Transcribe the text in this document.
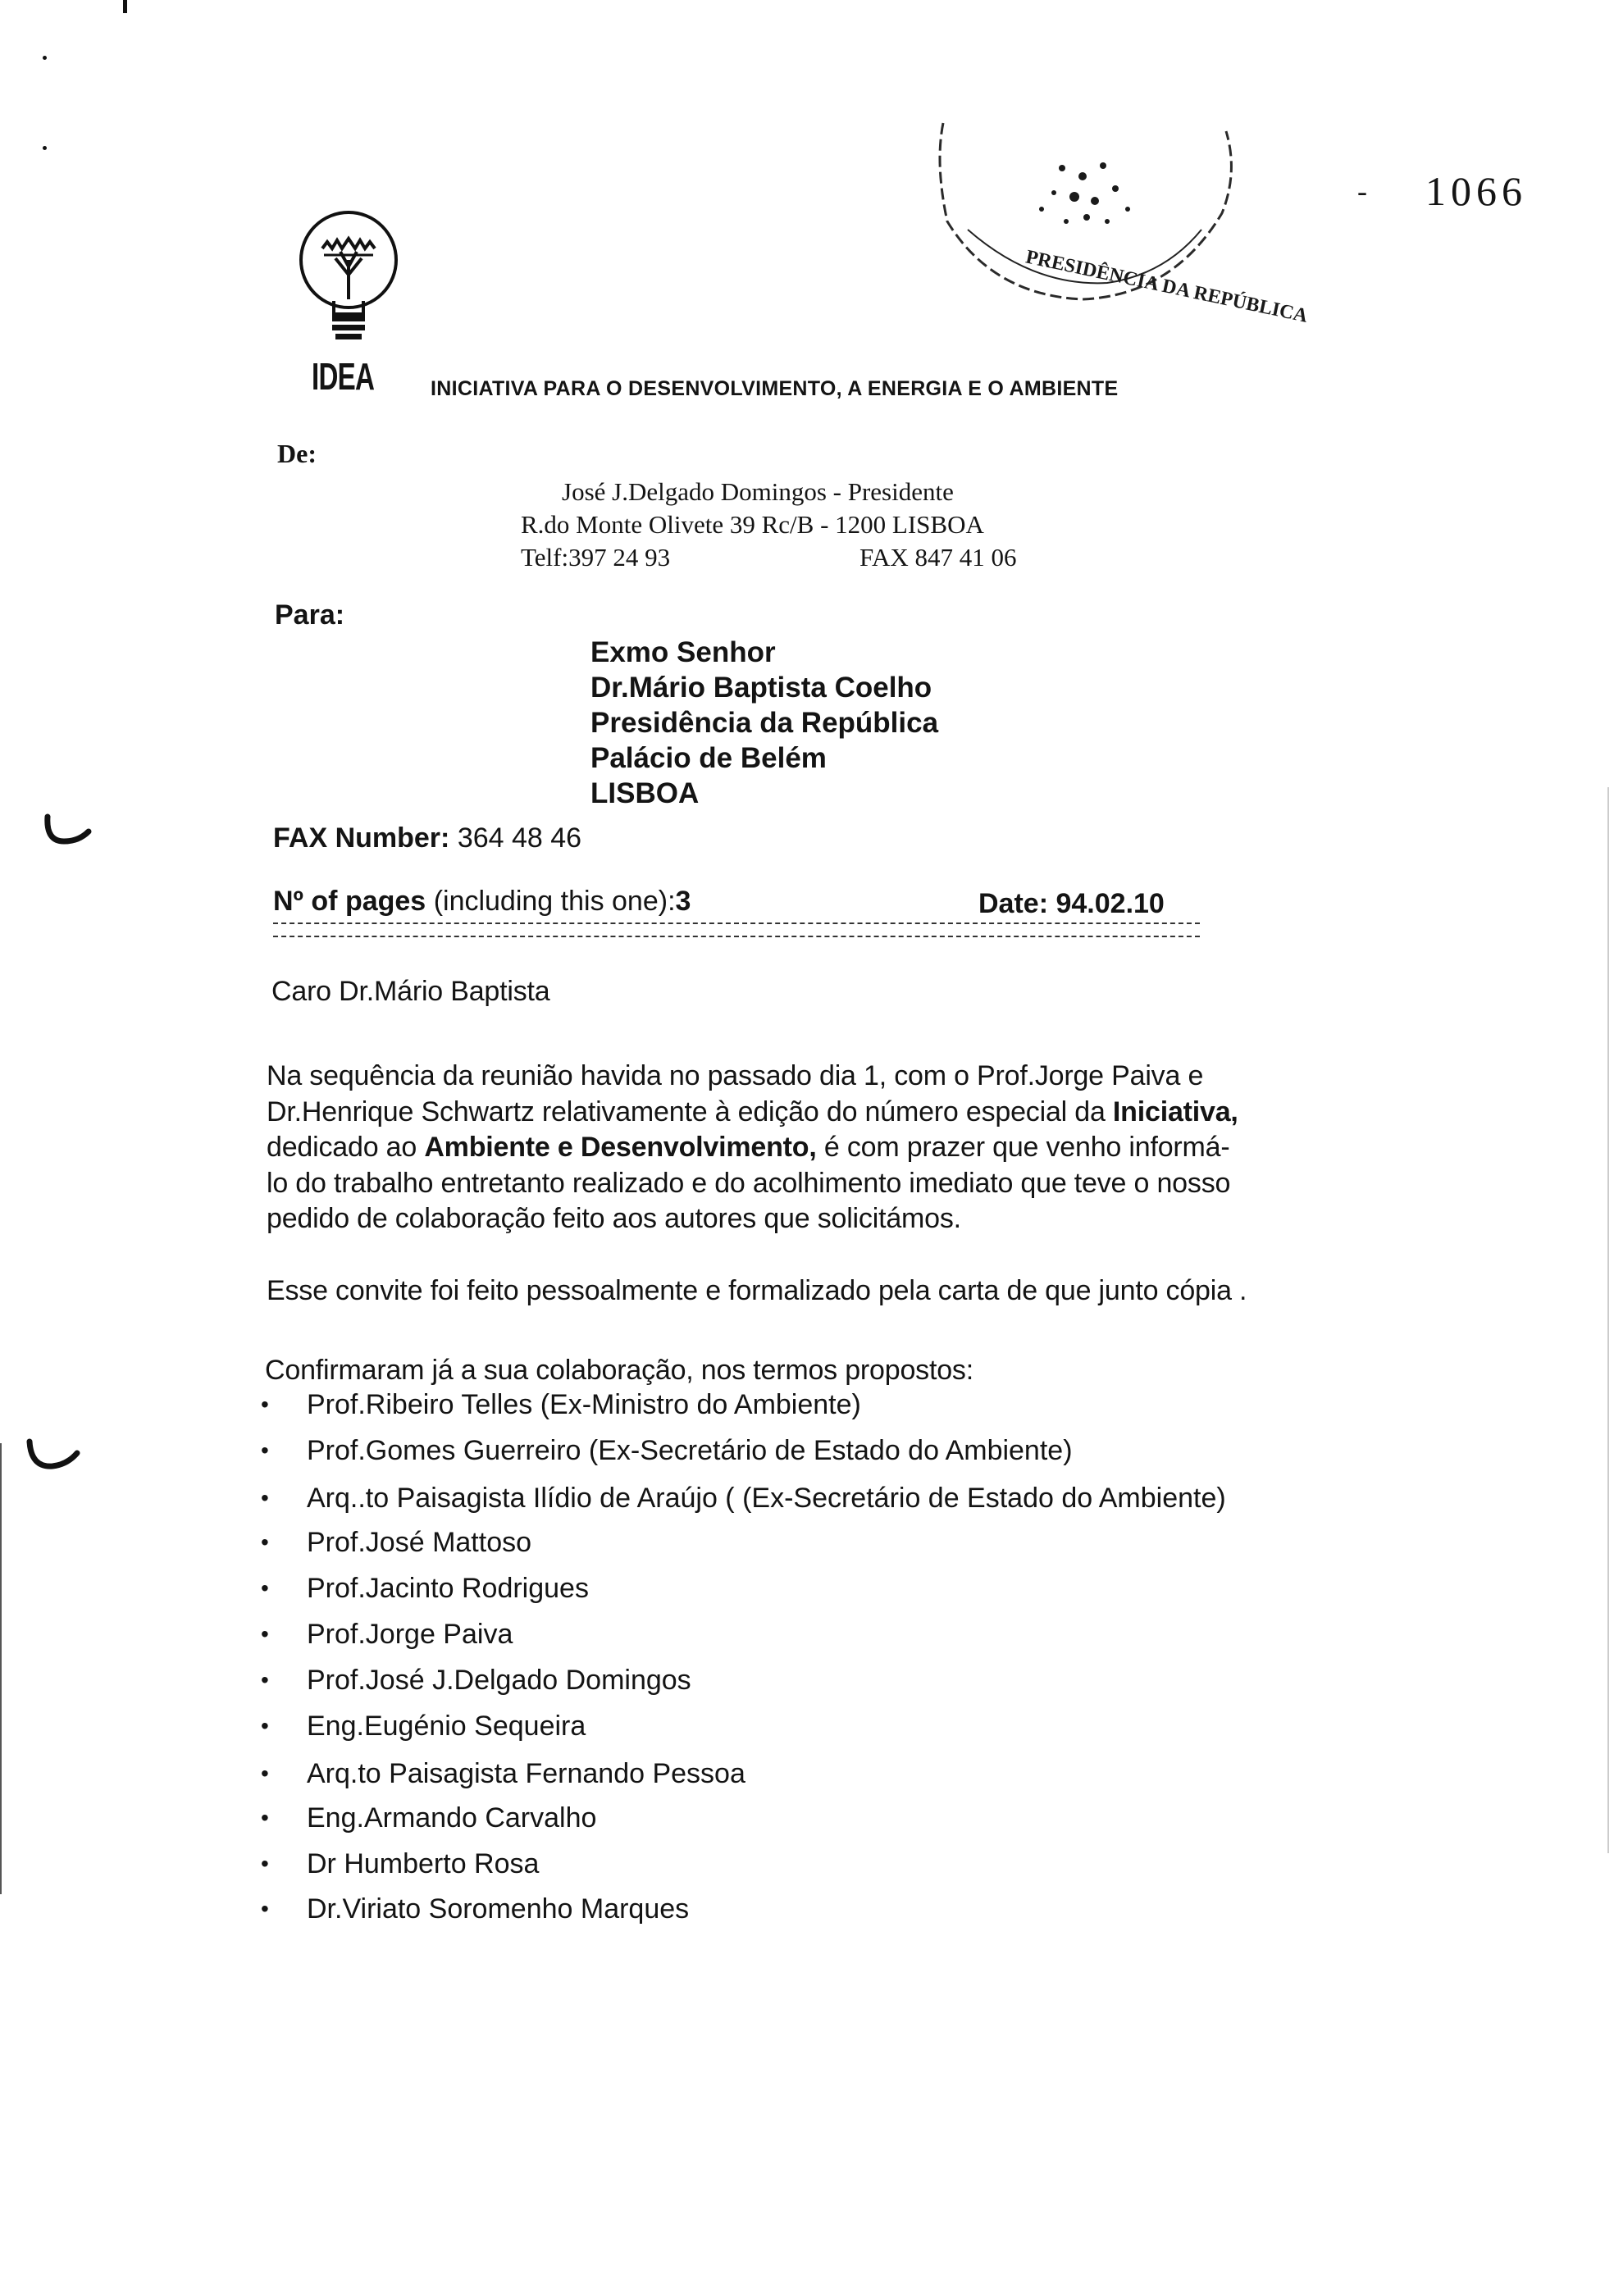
PRESIDÊNCIA DA REPÚBLICA
- 1066
IDEA	INICIATIVA PARA O DESENVOLVIMENTO, A ENERGIA E O AMBIENTE
De:
José J.Delgado Domingos - Presidente
R.do Monte Olivete 39 Rc/B - 1200 LISBOA
Telf:397 24 93	FAX 847 41 06
Para:
Exmo Senhor
Dr.Mário Baptista Coelho
Presidência da República
Palácio de Belém
LISBOA
FAX Number: 364 48 46
Nº of pages (including this one):3	Date: 94.02.10
Caro Dr.Mário Baptista
Na sequência da reunião havida no passado dia 1, com o Prof.Jorge Paiva e
Dr.Henrique Schwartz relativamente à edição do número especial da Iniciativa,
dedicado ao Ambiente e Desenvolvimento, é com prazer que venho informá-
lo do trabalho entretanto realizado e do acolhimento imediato que teve o nosso
pedido de colaboração feito aos autores que solicitámos.
Esse convite foi feito pessoalmente e formalizado pela carta de que junto cópia .
Confirmaram já a sua colaboração, nos termos propostos:
• Prof.Ribeiro Telles (Ex-Ministro do Ambiente)
• Prof.Gomes Guerreiro (Ex-Secretário de Estado do Ambiente)
• Arq..to Paisagista Ilídio de Araújo ( (Ex-Secretário de Estado do Ambiente)
• Prof.José Mattoso
• Prof.Jacinto Rodrigues
• Prof.Jorge Paiva
• Prof.José J.Delgado Domingos
• Eng.Eugénio Sequeira
• Arq.to Paisagista Fernando Pessoa
• Eng.Armando Carvalho
• Dr Humberto Rosa
• Dr.Viriato Soromenho Marques
